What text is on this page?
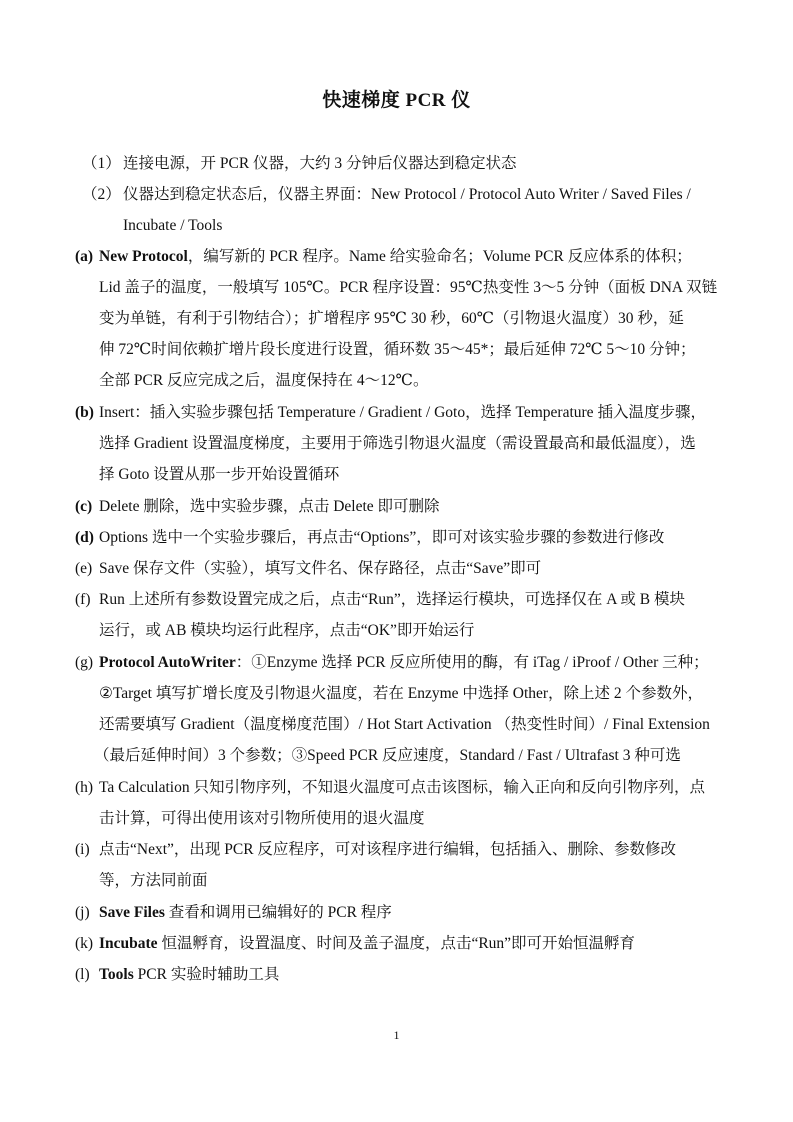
快速梯度 PCR 仪
（1） 连接电源，开 PCR 仪器，大约 3 分钟后仪器达到稳定状态
（2） 仪器达到稳定状态后，仪器主界面：New Protocol / Protocol Auto Writer / Saved Files /
Incubate / Tools
(a) New Protocol，编写新的 PCR 程序。Name 给实验命名；Volume PCR 反应体系的体积；
Lid 盖子的温度，一般填写 105℃。PCR 程序设置：95℃热变性 3～5 分钟（面板 DNA 双链
变为单链，有利于引物结合）；扩增程序 95℃ 30 秒，60℃（引物退火温度）30 秒，延
伸 72℃时间依赖扩增片段长度进行设置，循环数 35～45*；最后延伸 72℃ 5～10 分钟；
全部 PCR 反应完成之后，温度保持在 4～12℃。
(b) Insert：插入实验步骤包括 Temperature / Gradient / Goto，选择 Temperature 插入温度步骤，
选择 Gradient 设置温度梯度，主要用于筛选引物退火温度（需设置最高和最低温度），选
择 Goto 设置从那一步开始设置循环
(c) Delete 删除，选中实验步骤，点击 Delete 即可删除
(d) Options 选中一个实验步骤后，再点击“Options”，即可对该实验步骤的参数进行修改
(e) Save 保存文件（实验），填写文件名、保存路径，点击“Save”即可
(f) Run 上述所有参数设置完成之后，点击“Run”，选择运行模块，可选择仅在 A 或 B 模块
运行，或 AB 模块均运行此程序，点击“OK”即开始运行
(g) Protocol AutoWriter：①Enzyme 选择 PCR 反应所使用的酶，有 iTag / iProof / Other 三种；
②Target 填写扩增长度及引物退火温度，若在 Enzyme 中选择 Other，除上述 2 个参数外，
还需要填写 Gradient（温度梯度范围）/ Hot Start Activation （热变性时间）/ Final Extension
（最后延伸时间）3 个参数；③Speed PCR 反应速度，Standard / Fast / Ultrafast 3 种可选
(h) Ta Calculation 只知引物序列，不知退火温度可点击该图标，输入正向和反向引物序列，点
击计算，可得出使用该对引物所使用的退火温度
(i) 点击“Next”，出现 PCR 反应程序，可对该程序进行编辑，包括插入、删除、参数修改
等，方法同前面
(j) Save Files 查看和调用已编辑好的 PCR 程序
(k) Incubate 恒温孵育，设置温度、时间及盖子温度，点击“Run”即可开始恒温孵育
(l) Tools PCR 实验时辅助工具
1
